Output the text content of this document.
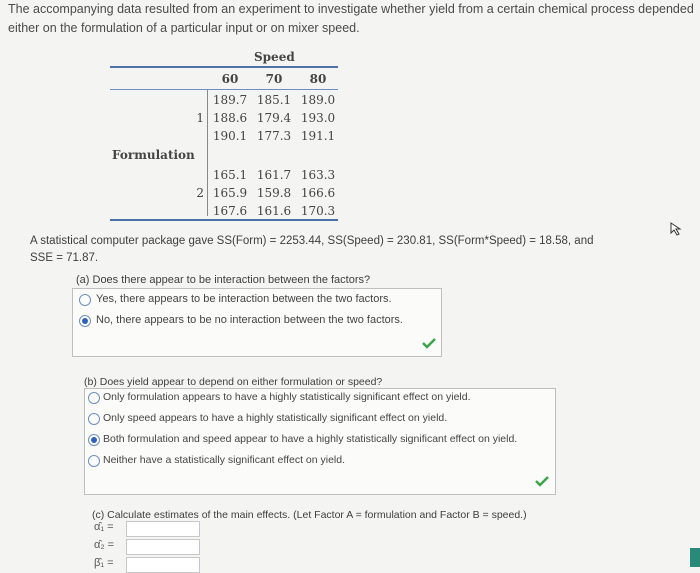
The accompanying data resulted from an experiment to investigate whether yield from a certain chemical process depended
either on the formulation of a particular input or on mixer speed.
Speed
60	70	80
Formulation
1
189.7 185.1 189.0
188.6 179.4 193.0
190.1 177.3 191.1
2
165.1 161.7 163.3
165.9 159.8 166.6
167.6 161.6 170.3
A statistical computer package gave SS(Form) = 2253.44, SS(Speed) = 230.81, SS(Form*Speed) = 18.58, and
SSE = 71.87.
(a) Does there appear to be interaction between the factors?
Yes, there appears to be interaction between the two factors.
No, there appears to be no interaction between the two factors.
(b) Does yield appear to depend on either formulation or speed?
Only formulation appears to have a highly statistically significant effect on yield.
Only speed appears to have a highly statistically significant effect on yield.
Both formulation and speed appear to have a highly statistically significant effect on yield.
Neither have a statistically significant effect on yield.
(c) Calculate estimates of the main effects. (Let Factor A = formulation and Factor B = speed.)
α̂₁ =
α̂₂ =
β̂₁ =
